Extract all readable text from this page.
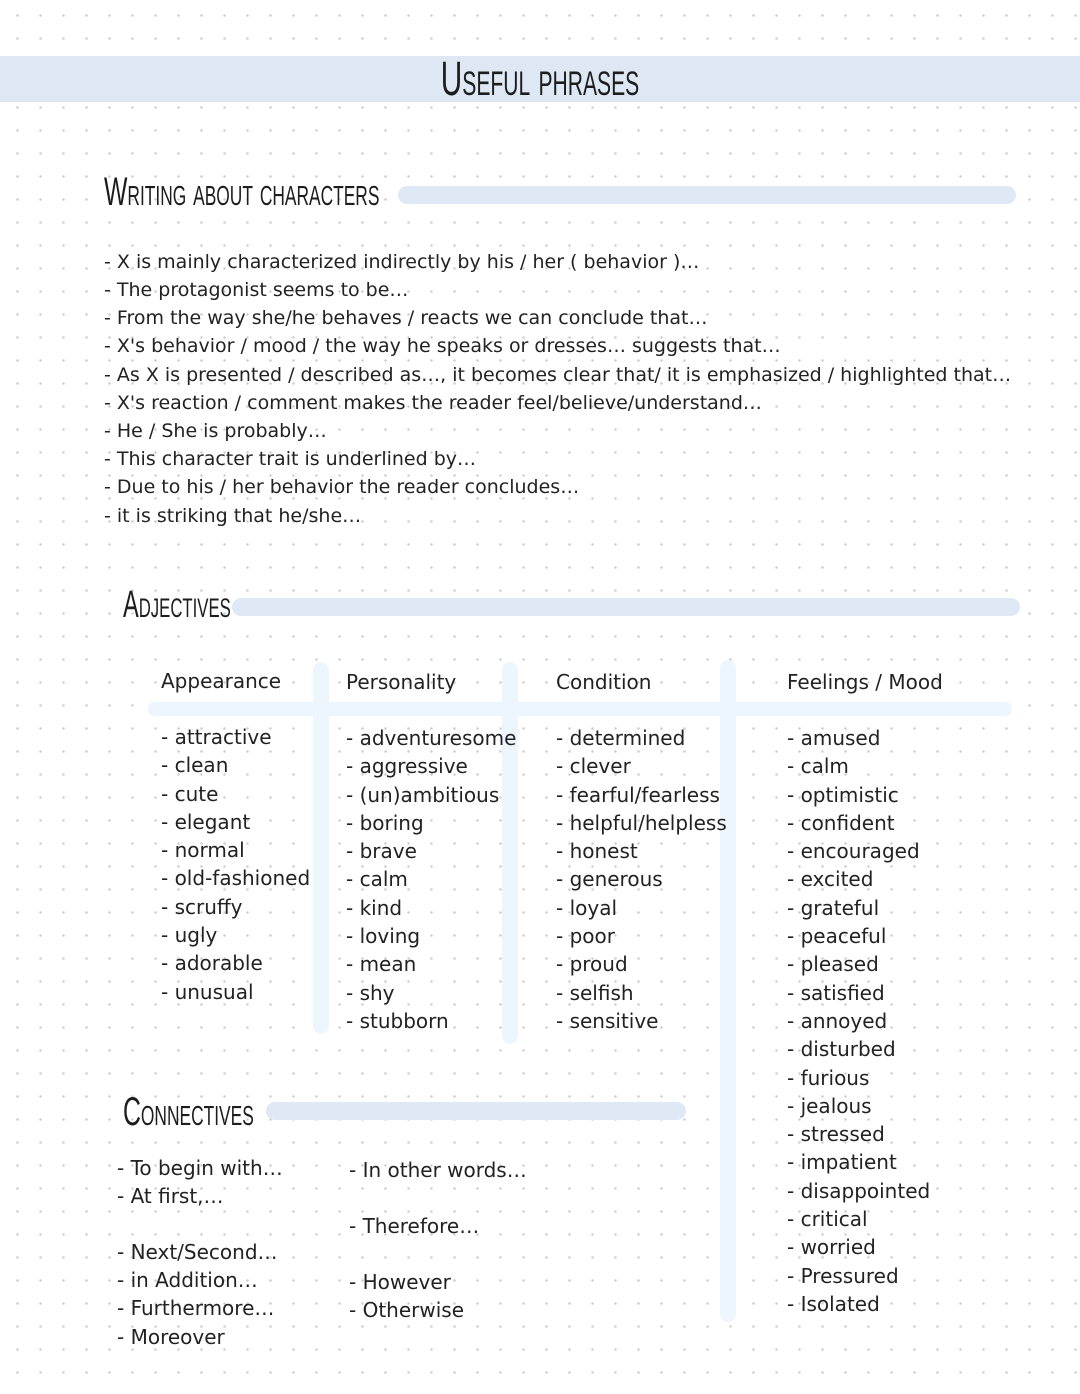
Useful phrases
Writing about characters
- X is mainly characterized indirectly by his / her ( behavior )…
- The protagonist seems to be…
- From the way she/he behaves / reacts we can conclude that…
- X's behavior / mood / the way he speaks or dresses… suggests that…
- As X is presented / described as…, it becomes clear that/ it is emphasized / highlighted that…
- X's reaction / comment makes the reader feel/believe/understand…
- He / She is probably…
- This character trait is underlined by…
- Due to his / her behavior the reader concludes…
- it is striking that he/she…
Adjectives
Appearance
- attractive
- clean
- cute
- elegant
- normal
- old-fashioned
- scruffy
- ugly
- adorable
- unusual
Personality
- adventuresome
- aggressive
- (un)ambitious
- boring
- brave
- calm
- kind
- loving
- mean
- shy
- stubborn
Condition
- determined
- clever
- fearful/fearless
- helpful/helpless
- honest
- generous
- loyal
- poor
- proud
- selfish
- sensitive
Feelings / Mood
- amused
- calm
- optimistic
- confident
- encouraged
- excited
- grateful
- peaceful
- pleased
- satisfied
- annoyed
- disturbed
- furious
- jealous
- stressed
- impatient
- disappointed
- critical
- worried
- Pressured
- Isolated
Connectives
- To begin with…
- At first,…
- Next/Second…
- in Addition…
- Furthermore…
- Moreover
- In other words…
- Therefore…
- However
- Otherwise
